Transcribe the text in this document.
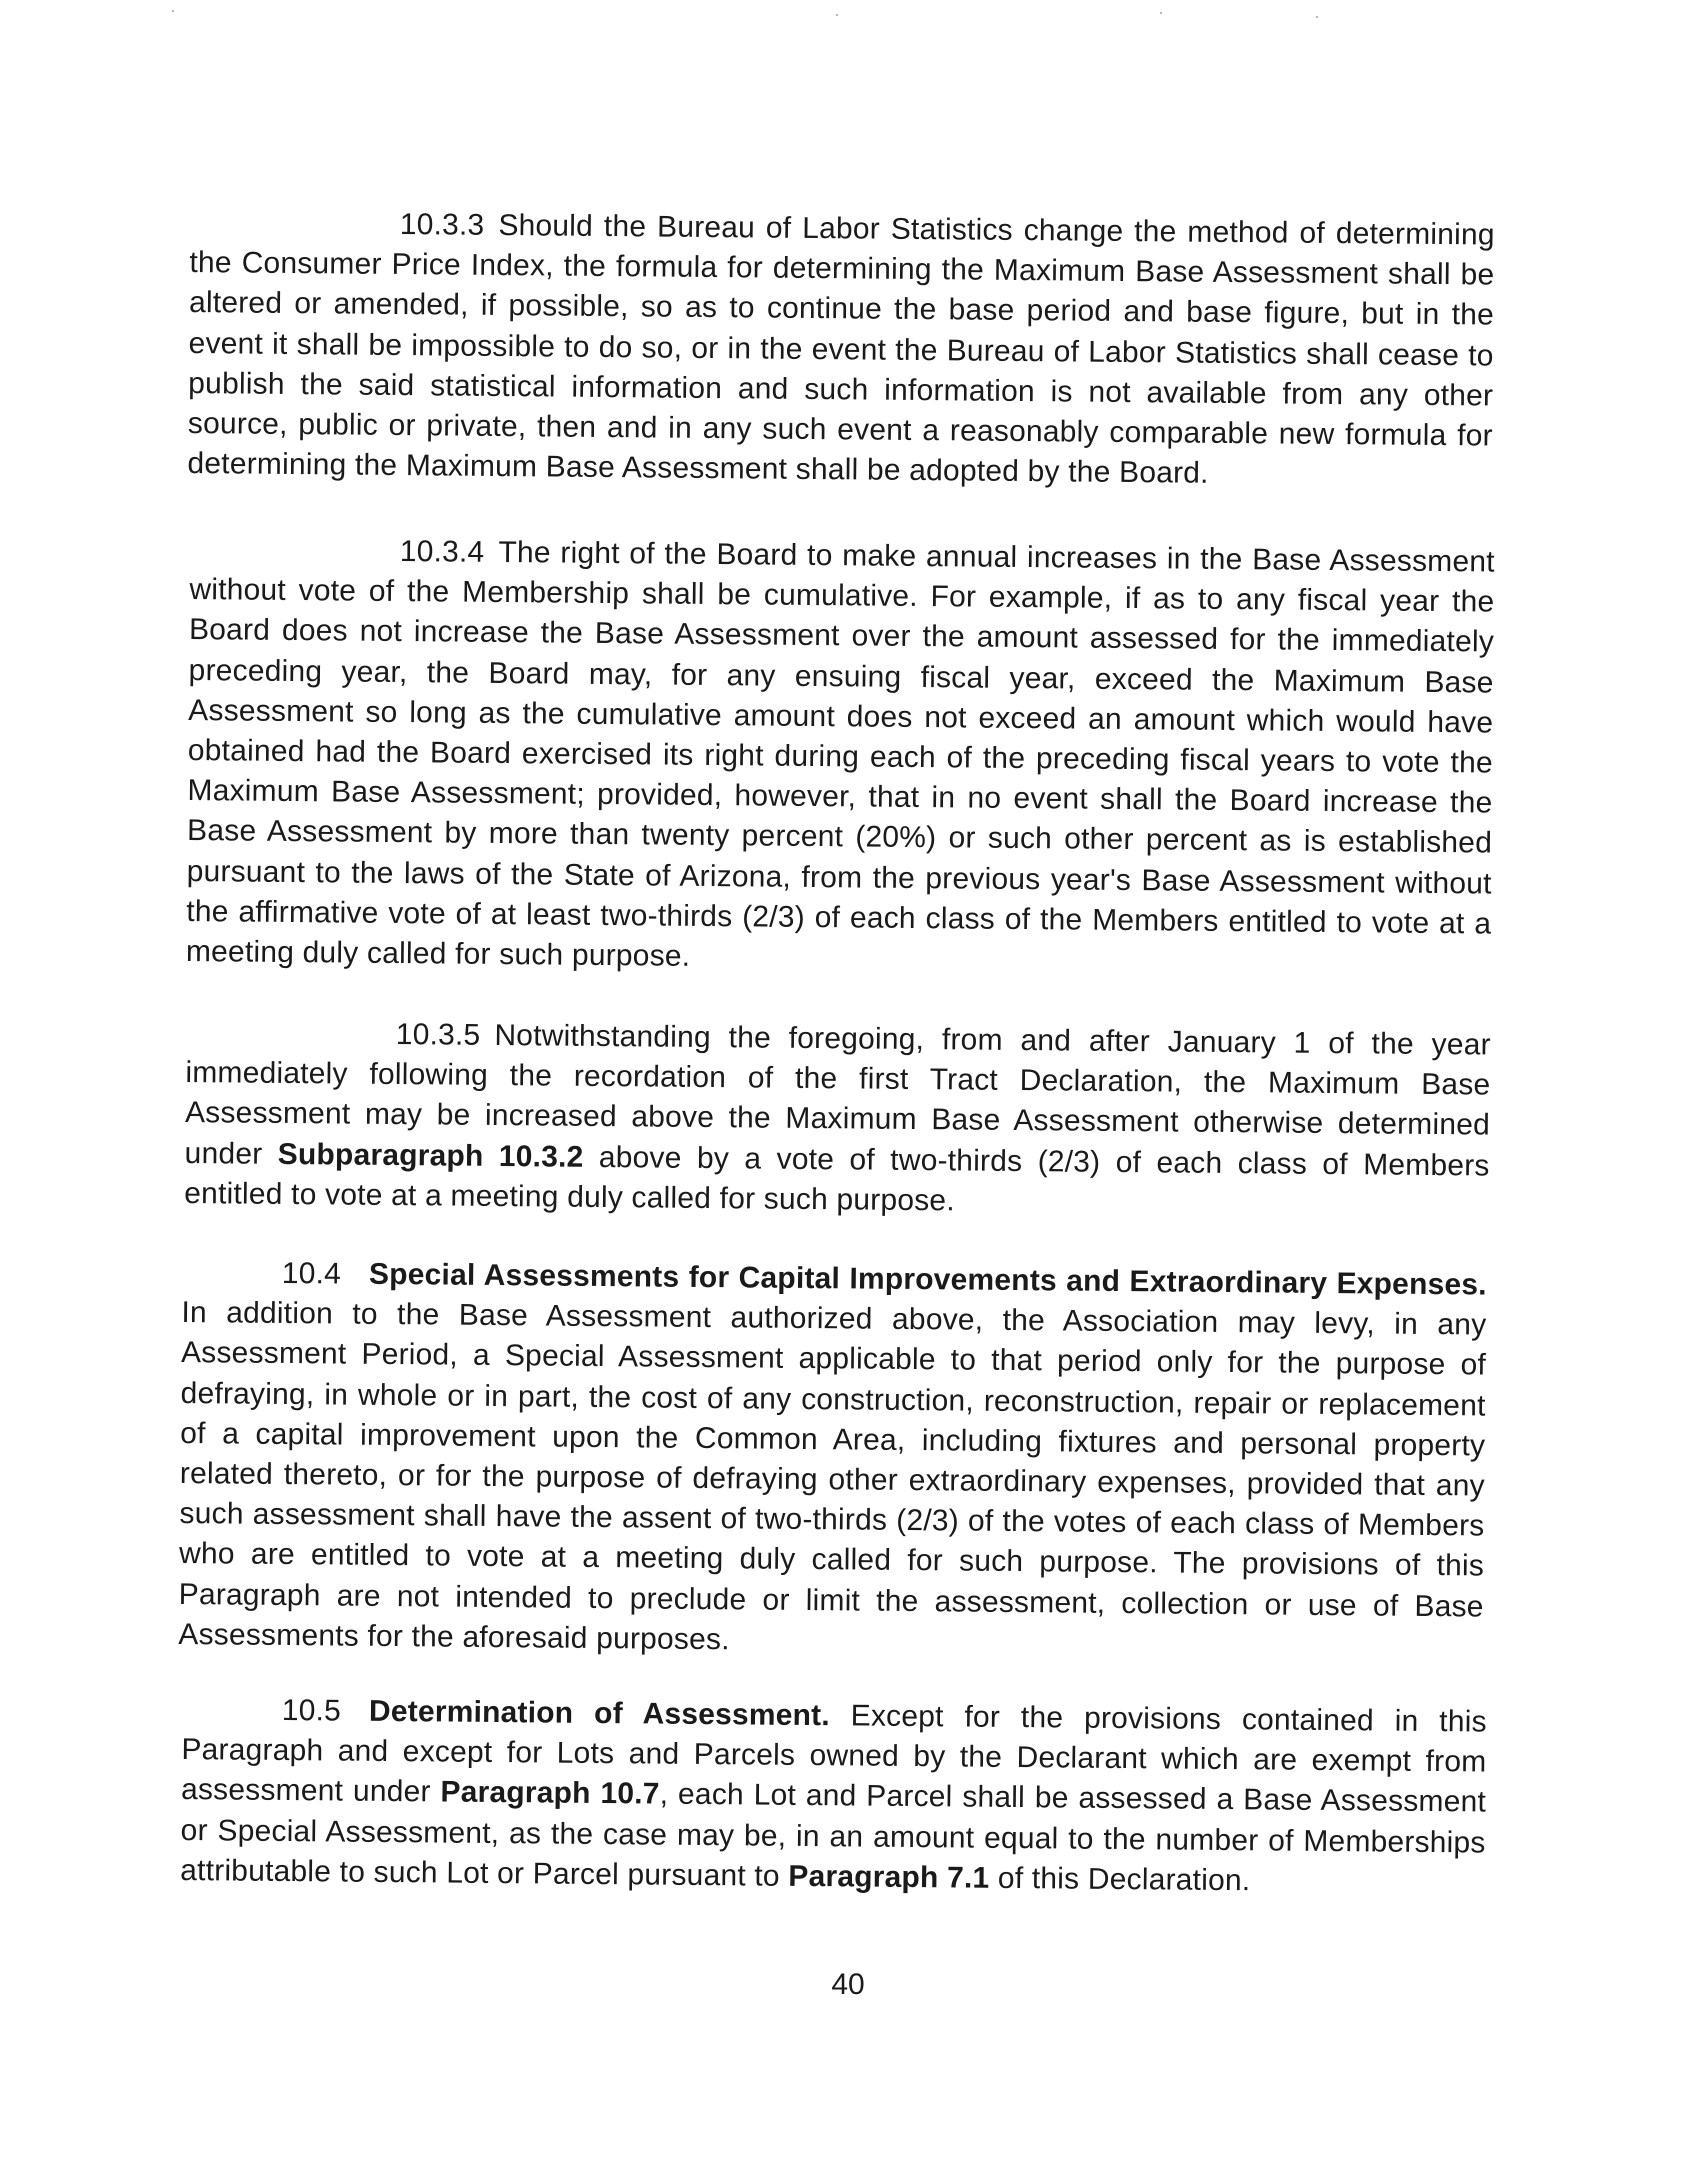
10.3.3 Should the Bureau of Labor Statistics change the method of determining the Consumer Price Index, the formula for determining the Maximum Base Assessment shall be altered or amended, if possible, so as to continue the base period and base figure, but in the event it shall be impossible to do so, or in the event the Bureau of Labor Statistics shall cease to publish the said statistical information and such information is not available from any other source, public or private, then and in any such event a reasonably comparable new formula for determining the Maximum Base Assessment shall be adopted by the Board.
10.3.4 The right of the Board to make annual increases in the Base Assessment without vote of the Membership shall be cumulative. For example, if as to any fiscal year the Board does not increase the Base Assessment over the amount assessed for the immediately preceding year, the Board may, for any ensuing fiscal year, exceed the Maximum Base Assessment so long as the cumulative amount does not exceed an amount which would have obtained had the Board exercised its right during each of the preceding fiscal years to vote the Maximum Base Assessment; provided, however, that in no event shall the Board increase the Base Assessment by more than twenty percent (20%) or such other percent as is established pursuant to the laws of the State of Arizona, from the previous year's Base Assessment without the affirmative vote of at least two-thirds (2/3) of each class of the Members entitled to vote at a meeting duly called for such purpose.
10.3.5 Notwithstanding the foregoing, from and after January 1 of the year immediately following the recordation of the first Tract Declaration, the Maximum Base Assessment may be increased above the Maximum Base Assessment otherwise determined under Subparagraph 10.3.2 above by a vote of two-thirds (2/3) of each class of Members entitled to vote at a meeting duly called for such purpose.
10.4 Special Assessments for Capital Improvements and Extraordinary Expenses. In addition to the Base Assessment authorized above, the Association may levy, in any Assessment Period, a Special Assessment applicable to that period only for the purpose of defraying, in whole or in part, the cost of any construction, reconstruction, repair or replacement of a capital improvement upon the Common Area, including fixtures and personal property related thereto, or for the purpose of defraying other extraordinary expenses, provided that any such assessment shall have the assent of two-thirds (2/3) of the votes of each class of Members who are entitled to vote at a meeting duly called for such purpose. The provisions of this Paragraph are not intended to preclude or limit the assessment, collection or use of Base Assessments for the aforesaid purposes.
10.5 Determination of Assessment. Except for the provisions contained in this Paragraph and except for Lots and Parcels owned by the Declarant which are exempt from assessment under Paragraph 10.7, each Lot and Parcel shall be assessed a Base Assessment or Special Assessment, as the case may be, in an amount equal to the number of Memberships attributable to such Lot or Parcel pursuant to Paragraph 7.1 of this Declaration.
40
